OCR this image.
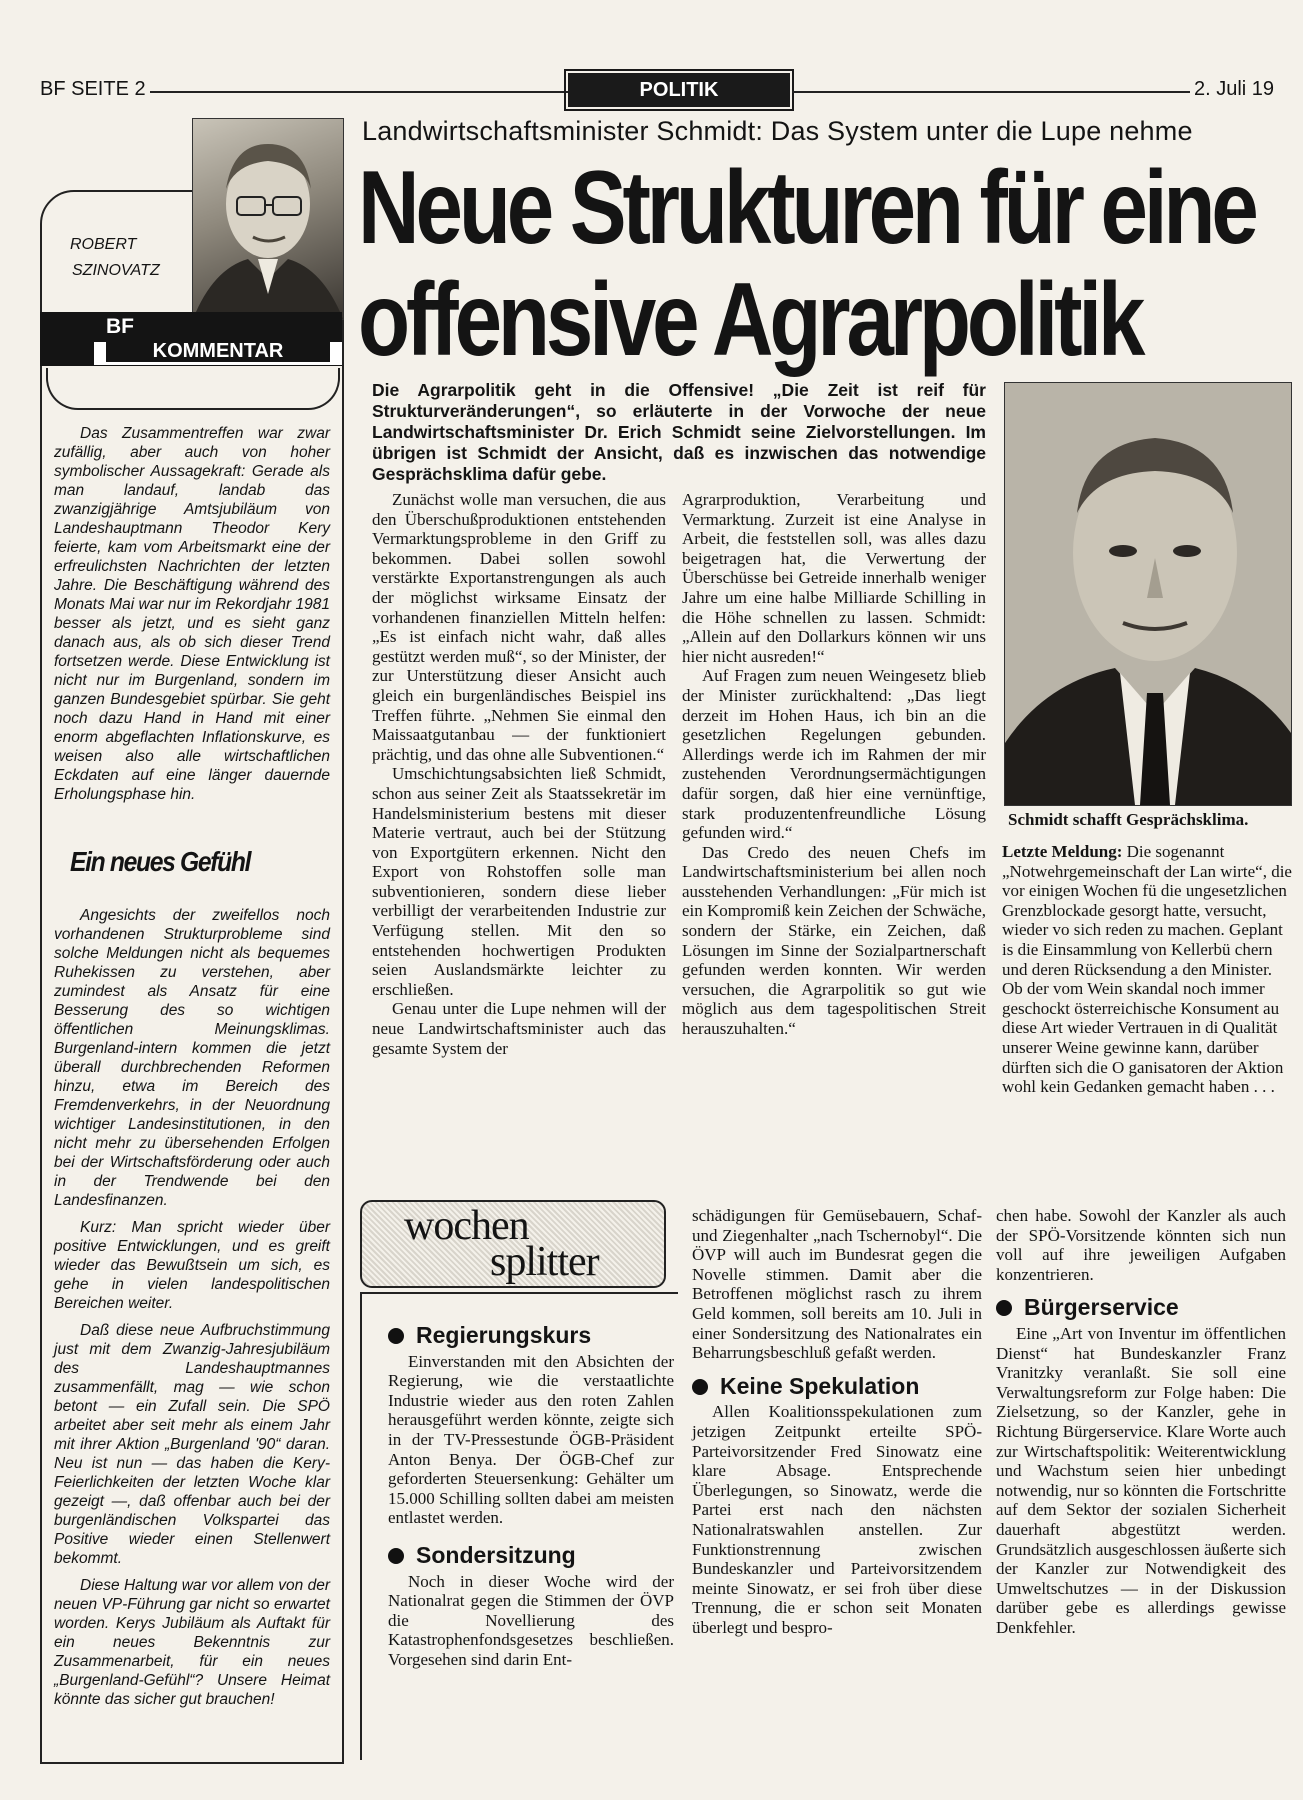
BF SEITE 2	POLITIK	2. Juli 19
ROBERT
SZINOVATZ
BF
KOMMENTAR

Das Zusammentreffen war zwar zufällig, aber auch von hoher symbolischer Aussagekraft: Gerade als man landauf, landab das zwanzigjährige Amtsjubiläum von Landeshauptmann Theodor Kery feierte, kam vom Arbeitsmarkt eine der erfreulichsten Nachrichten der letzten Jahre. Die Beschäftigung während des Monats Mai war nur im Rekordjahr 1981 besser als jetzt, und es sieht ganz danach aus, als ob sich dieser Trend fortsetzen werde. Diese Entwicklung ist nicht nur im Burgenland, sondern im ganzen Bundesgebiet spürbar. Sie geht noch dazu Hand in Hand mit einer enorm abgeflachten Inflationskurve, es weisen also alle wirtschaftlichen Eckdaten auf eine länger dauernde Erholungsphase hin.

Ein neues Gefühl

Angesichts der zweifellos noch vorhandenen Strukturprobleme sind solche Meldungen nicht als bequemes Ruhekissen zu verstehen, aber zumindest als Ansatz für eine Besserung des so wichtigen öffentlichen Meinungsklimas. Burgenland-intern kommen die jetzt überall durchbrechenden Reformen hinzu, etwa im Bereich des Fremdenverkehrs, in der Neuordnung wichtiger Landesinstitutionen, in den nicht mehr zu übersehenden Erfolgen bei der Wirtschaftsförderung oder auch in der Trendwende bei den Landesfinanzen.

Kurz: Man spricht wieder über positive Entwicklungen, und es greift wieder das Bewußtsein um sich, es gehe in vielen landespolitischen Bereichen weiter.

Daß diese neue Aufbruchstimmung just mit dem Zwanzig-Jahresjubiläum des Landeshauptmannes zusammenfällt, mag — wie schon betont — ein Zufall sein. Die SPÖ arbeitet aber seit mehr als einem Jahr mit ihrer Aktion „Burgenland '90“ daran. Neu ist nun — das haben die Kery-Feierlichkeiten der letzten Woche klar gezeigt —, daß offenbar auch bei der burgenländischen Volkspartei das Positive wieder einen Stellenwert bekommt.

Diese Haltung war vor allem von der neuen VP-Führung gar nicht so erwartet worden. Kerys Jubiläum als Auftakt für ein neues Bekenntnis zur Zusammenarbeit, für ein neues „Burgenland-Gefühl“? Unsere Heimat könnte das sicher gut brauchen!

Landwirtschaftsminister Schmidt: Das System unter die Lupe nehme
Neue Strukturen für eine
offensive Agrarpolitik
Die Agrarpolitik geht in die Offensive! „Die Zeit ist reif für Strukturveränderungen“, so erläuterte in der Vorwoche der neue Landwirtschaftsminister Dr. Erich Schmidt seine Zielvorstellungen. Im übrigen ist Schmidt der Ansicht, daß es inzwischen das notwendige Gesprächsklima dafür gebe.

Zunächst wolle man versuchen, die aus den Überschußproduktionen entstehenden Vermarktungsprobleme in den Griff zu bekommen. Dabei sollen sowohl verstärkte Exportanstrengungen als auch der möglichst wirksame Einsatz der vorhandenen finanziellen Mitteln helfen: „Es ist einfach nicht wahr, daß alles gestützt werden muß“, so der Minister, der zur Unterstützung dieser Ansicht auch gleich ein burgenländisches Beispiel ins Treffen führte. „Nehmen Sie einmal den Maissaatgutanbau — der funktioniert prächtig, und das ohne alle Subventionen.“

Umschichtungsabsichten ließ Schmidt, schon aus seiner Zeit als Staatssekretär im Handelsministerium bestens mit dieser Materie vertraut, auch bei der Stützung von Exportgütern erkennen. Nicht den Export von Rohstoffen solle man subventionieren, sondern diese lieber verbilligt der verarbeitenden Industrie zur Verfügung stellen. Mit den so entstehenden hochwertigen Produkten seien Auslandsmärkte leichter zu erschließen.

Genau unter die Lupe nehmen will der neue Landwirtschaftsminister auch das gesamte System der

Agrarproduktion, Verarbeitung und Vermarktung. Zurzeit ist eine Analyse in Arbeit, die feststellen soll, was alles dazu beigetragen hat, die Verwertung der Überschüsse bei Getreide innerhalb weniger Jahre um eine halbe Milliarde Schilling in die Höhe schnellen zu lassen. Schmidt: „Allein auf den Dollarkurs können wir uns hier nicht ausreden!“

Auf Fragen zum neuen Weingesetz blieb der Minister zurückhaltend: „Das liegt derzeit im Hohen Haus, ich bin an die gesetzlichen Regelungen gebunden. Allerdings werde ich im Rahmen der mir zustehenden Verordnungsermächtigungen dafür sorgen, daß hier eine vernünftige, stark produzentenfreundliche Lösung gefunden wird.“

Das Credo des neuen Chefs im Landwirtschaftsministerium bei allen noch ausstehenden Verhandlungen: „Für mich ist ein Kompromiß kein Zeichen der Schwäche, sondern der Stärke, ein Zeichen, daß Lösungen im Sinne der Sozialpartnerschaft gefunden werden konnten. Wir werden versuchen, die Agrarpolitik so gut wie möglich aus dem tagespolitischen Streit herauszuhalten.“

Schmidt schafft Gesprächsklima.
Letzte Meldung: Die sogenannt „Notwehrgemeinschaft der Lan wirte“, die vor einigen Wochen fü die ungesetzlichen Grenzblockade gesorgt hatte, versucht, wieder vo sich reden zu machen. Geplant is die Einsammlung von Kellerbü chern und deren Rücksendung a den Minister. Ob der vom Wein skandal noch immer geschockt österreichische Konsument au diese Art wieder Vertrauen in di Qualität unserer Weine gewinne kann, darüber dürften sich die O ganisatoren der Aktion wohl kein Gedanken gemacht haben . . .
wochen
splitter
Regierungskurs

Einverstanden mit den Absichten der Regierung, wie die verstaatlichte Industrie wieder aus den roten Zahlen herausgeführt werden könnte, zeigte sich in der TV-Pressestunde ÖGB-Präsident Anton Benya. Der ÖGB-Chef zur geforderten Steuersenkung: Gehälter um 15.000 Schilling sollten dabei am meisten entlastet werden.

Sondersitzung

Noch in dieser Woche wird der Nationalrat gegen die Stimmen der ÖVP die Novellierung des Katastrophenfondsgesetzes beschließen. Vorgesehen sind darin Ent-

schädigungen für Gemüsebauern, Schaf- und Ziegenhalter „nach Tschernobyl“. Die ÖVP will auch im Bundesrat gegen die Novelle stimmen. Damit aber die Betroffenen möglichst rasch zu ihrem Geld kommen, soll bereits am 10. Juli in einer Sondersitzung des Nationalrates ein Beharrungsbeschluß gefaßt werden.

Keine Spekulation

Allen Koalitionsspekulationen zum jetzigen Zeitpunkt erteilte SPÖ-Parteivorsitzender Fred Sinowatz eine klare Absage. Entsprechende Überlegungen, so Sinowatz, werde die Partei erst nach den nächsten Nationalratswahlen anstellen. Zur Funktionstrennung zwischen Bundeskanzler und Parteivorsitzendem meinte Sinowatz, er sei froh über diese Trennung, die er schon seit Monaten überlegt und bespro-

chen habe. Sowohl der Kanzler als auch der SPÖ-Vorsitzende könnten sich nun voll auf ihre jeweiligen Aufgaben konzentrieren.

Bürgerservice

Eine „Art von Inventur im öffentlichen Dienst“ hat Bundeskanzler Franz Vranitzky veranlaßt. Sie soll eine Verwaltungsreform zur Folge haben: Die Zielsetzung, so der Kanzler, gehe in Richtung Bürgerservice. Klare Worte auch zur Wirtschaftspolitik: Weiterentwicklung und Wachstum seien hier unbedingt notwendig, nur so könnten die Fortschritte auf dem Sektor der sozialen Sicherheit dauerhaft abgestützt werden. Grundsätzlich ausgeschlossen äußerte sich der Kanzler zur Notwendigkeit des Umweltschutzes — in der Diskussion darüber gebe es allerdings gewisse Denkfehler.
